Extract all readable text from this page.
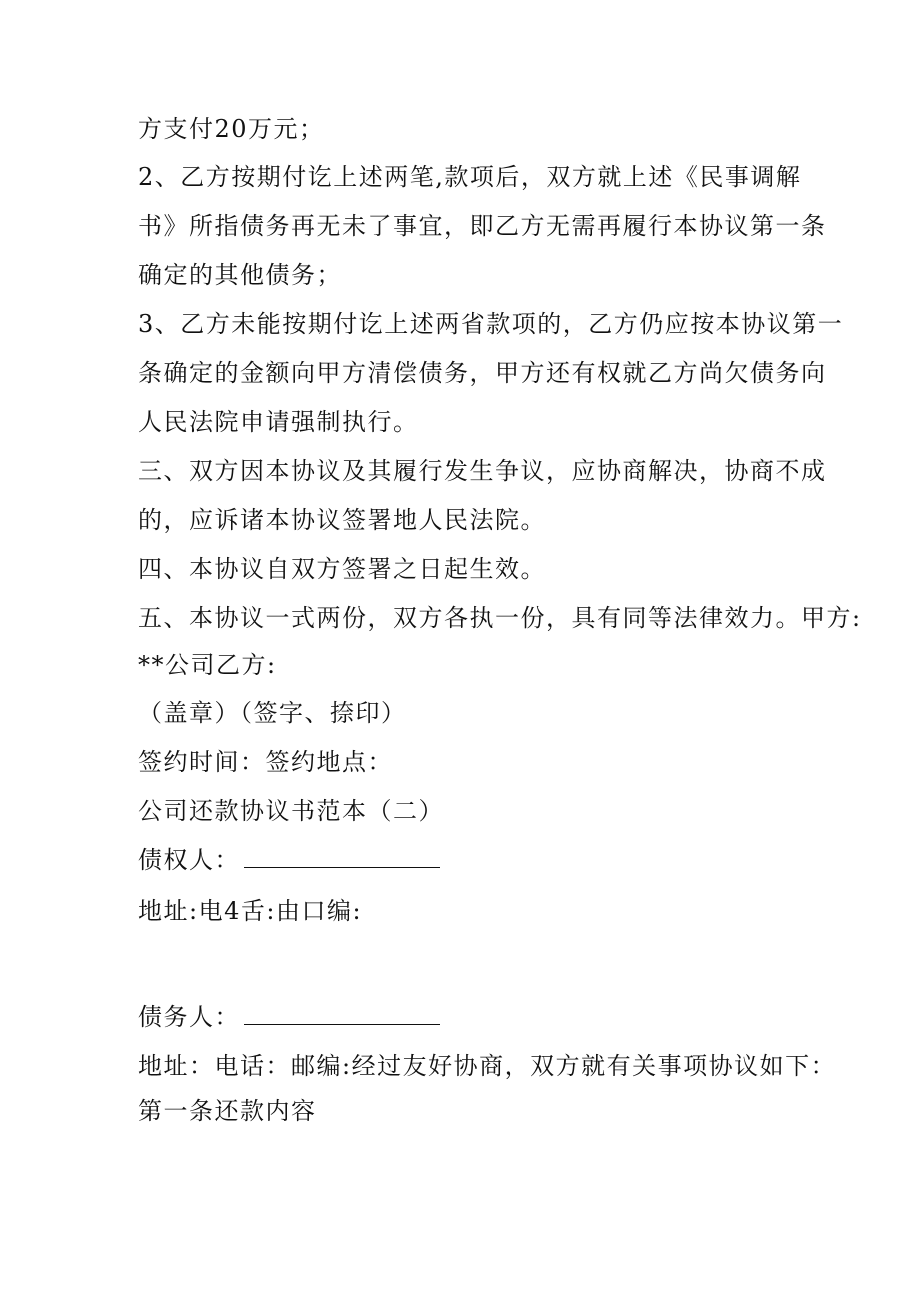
方支付20万元；
2、乙方按期付讫上述两笔,款项后，双方就上述《民事调解
书》所指债务再无未了事宜，即乙方无需再履行本协议第一条
确定的其他债务；
3、乙方未能按期付讫上述两省款项的，乙方仍应按本协议第一
条确定的金额向甲方清偿债务，甲方还有权就乙方尚欠债务向
人民法院申请强制执行。
三、双方因本协议及其履行发生争议，应协商解决，协商不成
的，应诉诸本协议签署地人民法院。
四、本协议自双方签署之日起生效。
五、本协议一式两份，双方各执一份，具有同等法律效力。甲方:
**公司乙方:
（盖章）（签字、捺印）
签约时间：签约地点：
公司还款协议书范本（二）
债权人：
地址:电4舌:由口编:
债务人：
地址：电话：邮编:经过友好协商，双方就有关事项协议如下：
第一条还款内容
